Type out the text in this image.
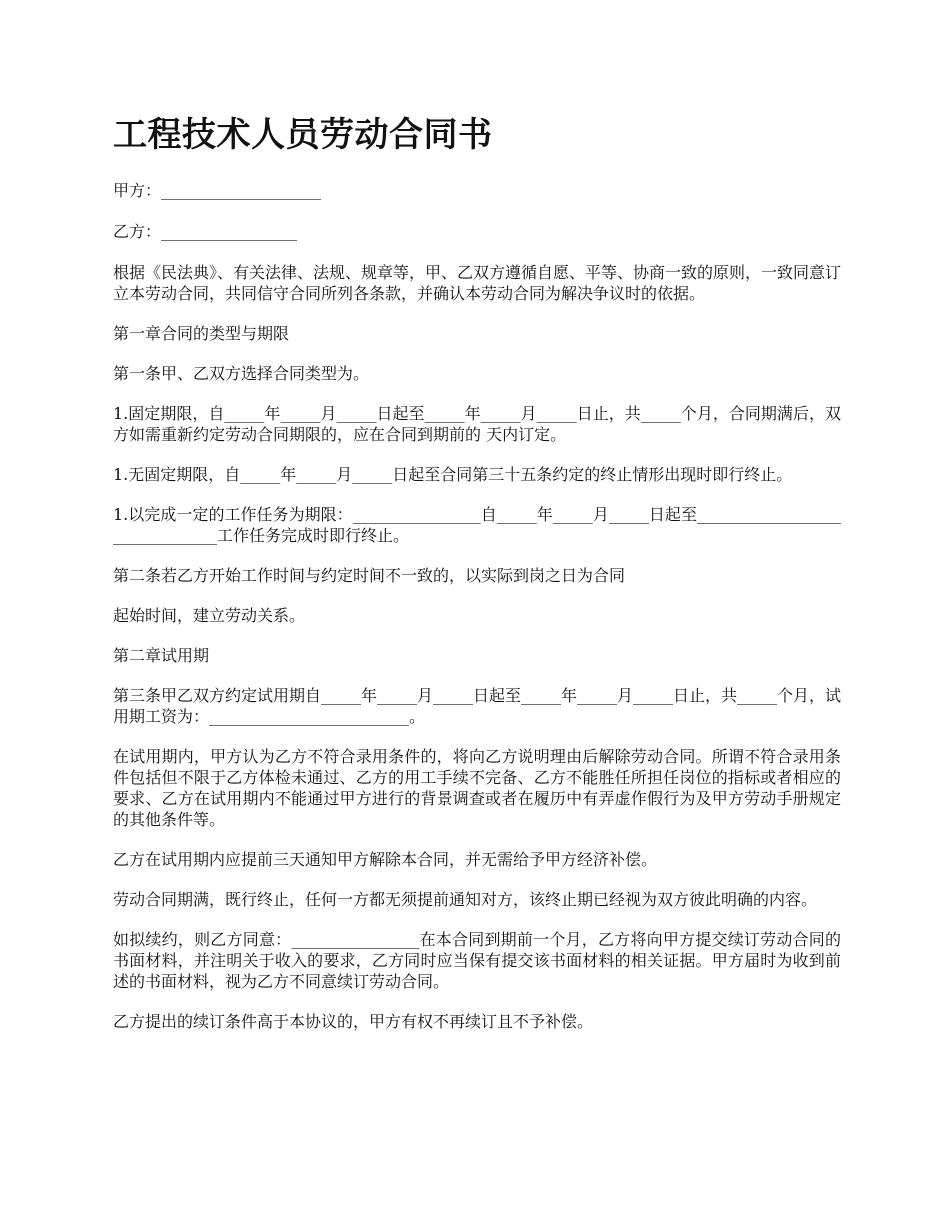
工程技术人员劳动合同书

甲方：____________________

乙方：_________________

根据《民法典》、有关法律、法规、规章等，甲、乙双方遵循自愿、平等、协商一致的原则，一致同意订立本劳动合同，共同信守合同所列各条款，并确认本劳动合同为解决争议时的依据。

第一章合同的类型与期限

第一条甲、乙双方选择合同类型为。

1.固定期限，自_____年_____月_____日起至_____年_____月_____日止，共_____个月，合同期满后，双方如需重新约定劳动合同期限的，应在合同到期前的 天内订定。

1.无固定期限，自_____年_____月_____日起至合同第三十五条约定的终止情形出现时即行终止。

1.以完成一定的工作任务为期限：________________自_____年_____月_____日起至_______________________________工作任务完成时即行终止。

第二条若乙方开始工作时间与约定时间不一致的，以实际到岗之日为合同

起始时间，建立劳动关系。

第二章试用期

第三条甲乙双方约定试用期自_____年_____月_____日起至_____年_____月_____日止，共_____个月，试用期工资为：_________________________。

在试用期内，甲方认为乙方不符合录用条件的，将向乙方说明理由后解除劳动合同。所谓不符合录用条件包括但不限于乙方体检未通过、乙方的用工手续不完备、乙方不能胜任所担任岗位的指标或者相应的要求、乙方在试用期内不能通过甲方进行的背景调查或者在履历中有弄虚作假行为及甲方劳动手册规定的其他条件等。

乙方在试用期内应提前三天通知甲方解除本合同，并无需给予甲方经济补偿。

劳动合同期满，既行终止，任何一方都无须提前通知对方，该终止期已经视为双方彼此明确的内容。

如拟续约，则乙方同意：________________在本合同到期前一个月，乙方将向甲方提交续订劳动合同的书面材料，并注明关于收入的要求，乙方同时应当保有提交该书面材料的相关证据。甲方届时为收到前述的书面材料，视为乙方不同意续订劳动合同。

乙方提出的续订条件高于本协议的，甲方有权不再续订且不予补偿。
